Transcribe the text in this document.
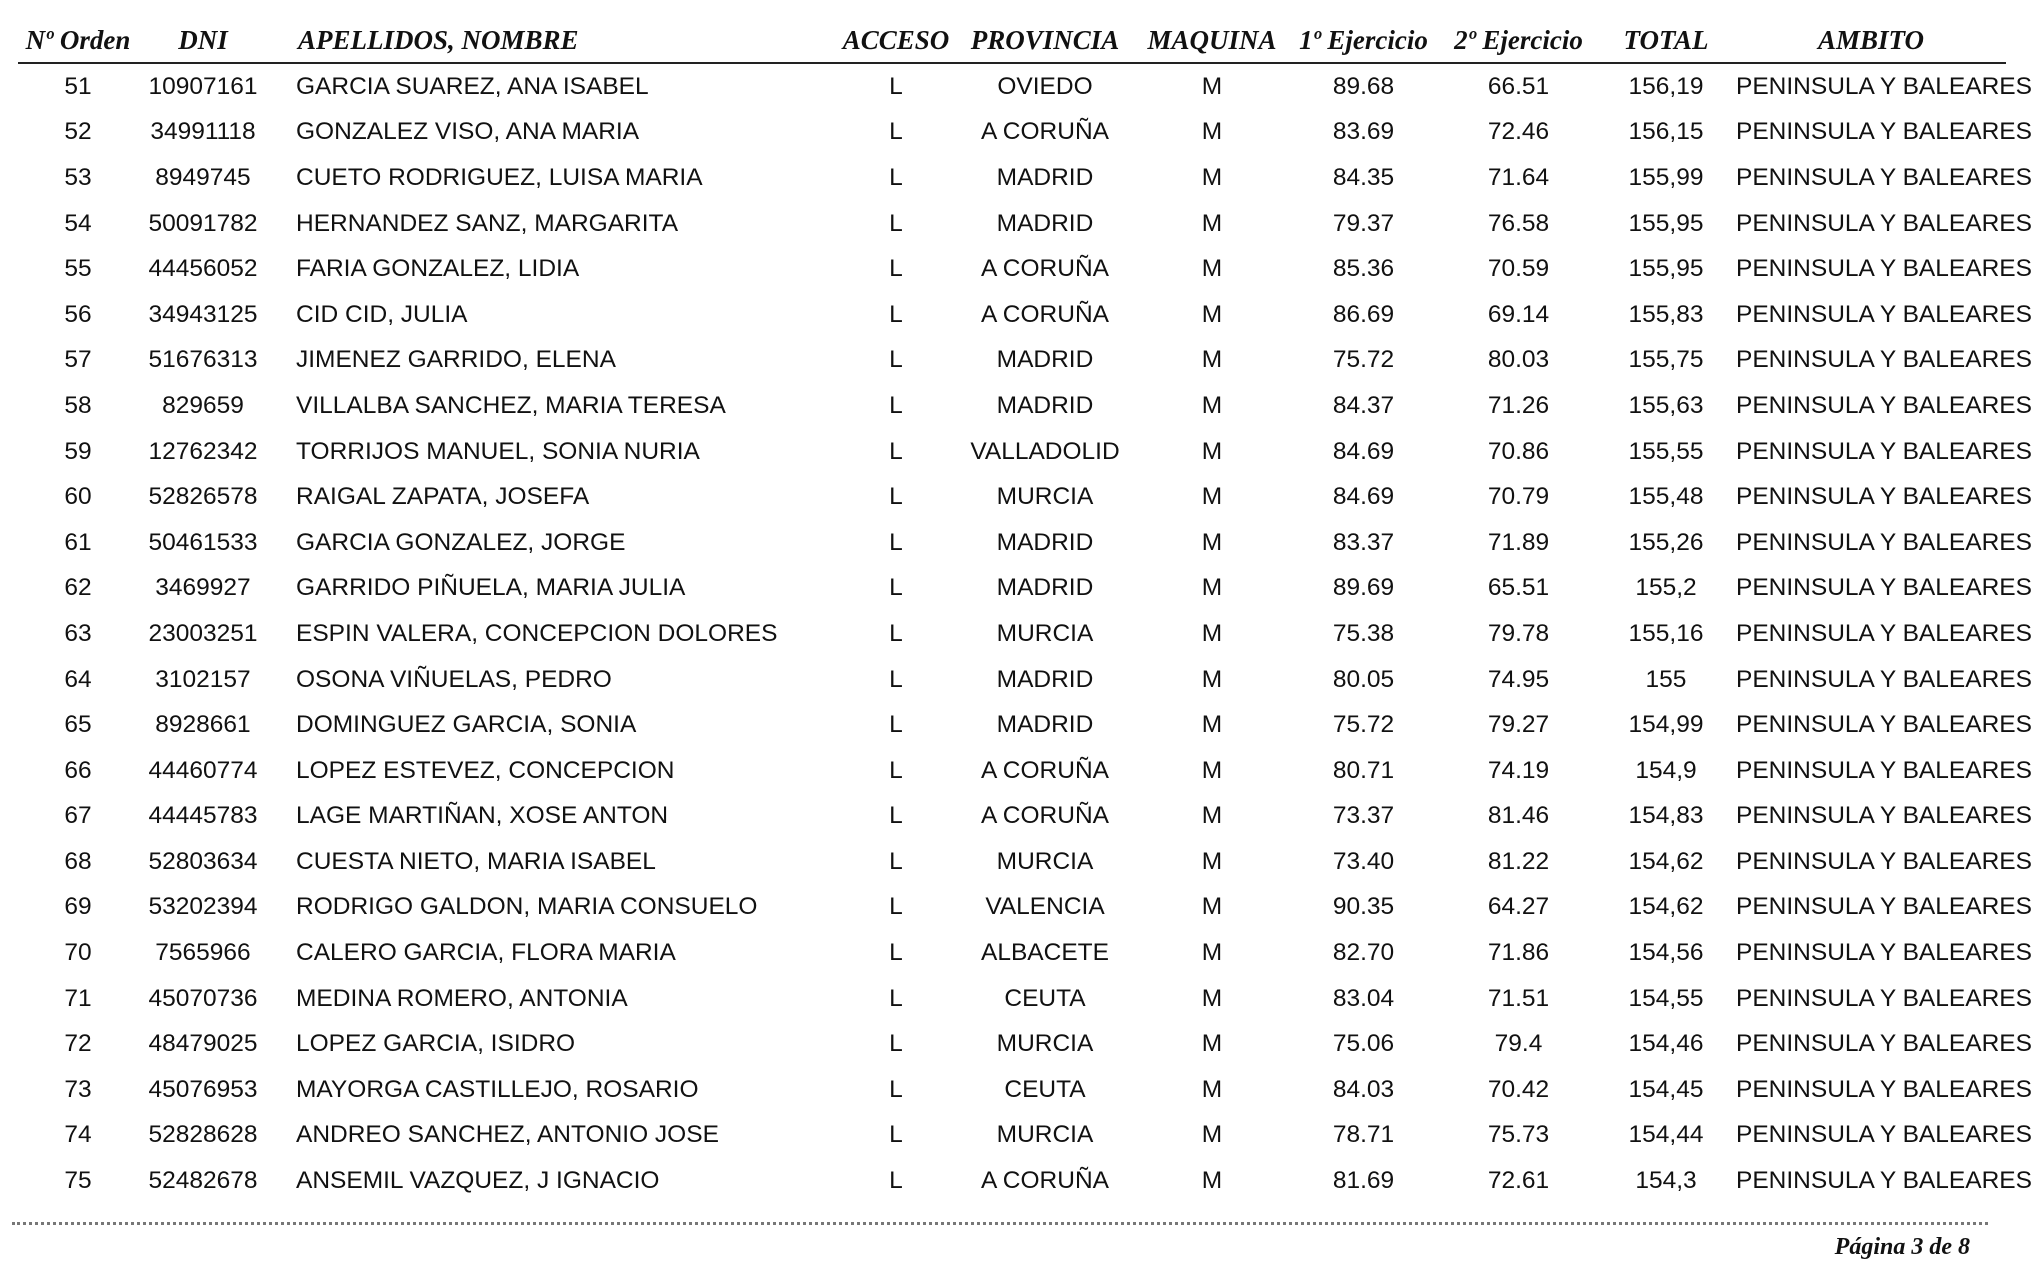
Nº Orden	DNI	APELLIDOS, NOMBRE	ACCESO	PROVINCIA	MAQUINA	1º Ejercicio	2º Ejercicio	TOTAL	AMBITO
51	10907161	GARCIA SUAREZ, ANA ISABEL	L	OVIEDO	M	89.68	66.51	156,19	PENINSULA Y BALEARES
52	34991118	GONZALEZ VISO, ANA MARIA	L	A CORUÑA	M	83.69	72.46	156,15	PENINSULA Y BALEARES
53	8949745	CUETO RODRIGUEZ, LUISA MARIA	L	MADRID	M	84.35	71.64	155,99	PENINSULA Y BALEARES
54	50091782	HERNANDEZ SANZ, MARGARITA	L	MADRID	M	79.37	76.58	155,95	PENINSULA Y BALEARES
55	44456052	FARIA GONZALEZ, LIDIA	L	A CORUÑA	M	85.36	70.59	155,95	PENINSULA Y BALEARES
56	34943125	CID CID, JULIA	L	A CORUÑA	M	86.69	69.14	155,83	PENINSULA Y BALEARES
57	51676313	JIMENEZ GARRIDO, ELENA	L	MADRID	M	75.72	80.03	155,75	PENINSULA Y BALEARES
58	829659	VILLALBA SANCHEZ, MARIA TERESA	L	MADRID	M	84.37	71.26	155,63	PENINSULA Y BALEARES
59	12762342	TORRIJOS MANUEL, SONIA NURIA	L	VALLADOLID	M	84.69	70.86	155,55	PENINSULA Y BALEARES
60	52826578	RAIGAL ZAPATA, JOSEFA	L	MURCIA	M	84.69	70.79	155,48	PENINSULA Y BALEARES
61	50461533	GARCIA GONZALEZ, JORGE	L	MADRID	M	83.37	71.89	155,26	PENINSULA Y BALEARES
62	3469927	GARRIDO PIÑUELA, MARIA JULIA	L	MADRID	M	89.69	65.51	155,2	PENINSULA Y BALEARES
63	23003251	ESPIN VALERA, CONCEPCION DOLORES	L	MURCIA	M	75.38	79.78	155,16	PENINSULA Y BALEARES
64	3102157	OSONA VIÑUELAS, PEDRO	L	MADRID	M	80.05	74.95	155	PENINSULA Y BALEARES
65	8928661	DOMINGUEZ GARCIA, SONIA	L	MADRID	M	75.72	79.27	154,99	PENINSULA Y BALEARES
66	44460774	LOPEZ ESTEVEZ, CONCEPCION	L	A CORUÑA	M	80.71	74.19	154,9	PENINSULA Y BALEARES
67	44445783	LAGE MARTIÑAN, XOSE ANTON	L	A CORUÑA	M	73.37	81.46	154,83	PENINSULA Y BALEARES
68	52803634	CUESTA NIETO, MARIA ISABEL	L	MURCIA	M	73.40	81.22	154,62	PENINSULA Y BALEARES
69	53202394	RODRIGO GALDON, MARIA CONSUELO	L	VALENCIA	M	90.35	64.27	154,62	PENINSULA Y BALEARES
70	7565966	CALERO GARCIA, FLORA MARIA	L	ALBACETE	M	82.70	71.86	154,56	PENINSULA Y BALEARES
71	45070736	MEDINA ROMERO, ANTONIA	L	CEUTA	M	83.04	71.51	154,55	PENINSULA Y BALEARES
72	48479025	LOPEZ GARCIA, ISIDRO	L	MURCIA	M	75.06	79.4	154,46	PENINSULA Y BALEARES
73	45076953	MAYORGA CASTILLEJO, ROSARIO	L	CEUTA	M	84.03	70.42	154,45	PENINSULA Y BALEARES
74	52828628	ANDREO SANCHEZ, ANTONIO JOSE	L	MURCIA	M	78.71	75.73	154,44	PENINSULA Y BALEARES
75	52482678	ANSEMIL VAZQUEZ, J IGNACIO	L	A CORUÑA	M	81.69	72.61	154,3	PENINSULA Y BALEARES
Página 3 de 8
